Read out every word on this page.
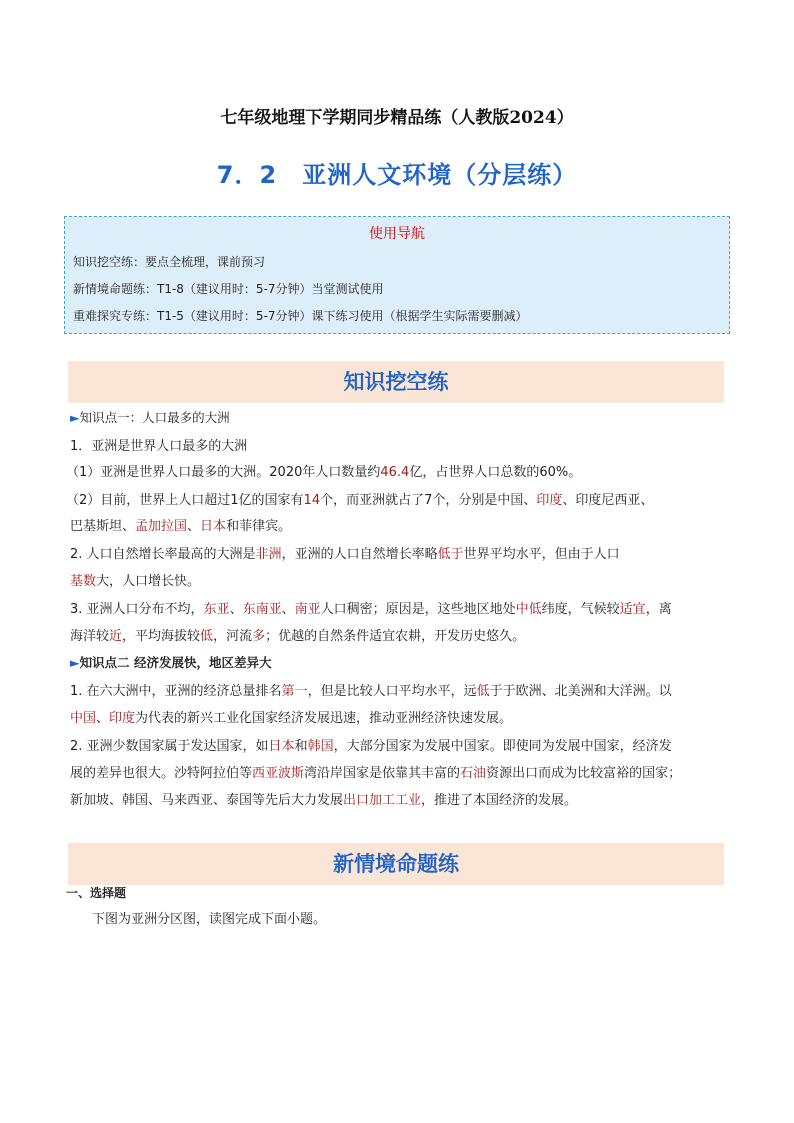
七年级地理下学期同步精品练（人教版2024）
7．2　亚洲人文环境（分层练）
使用导航
知识挖空练：要点全梳理，课前预习
新情境命题练：T1-8（建议用时：5-7分钟）当堂测试使用
重难探究专练：T1-5（建议用时：5-7分钟）课下练习使用（根据学生实际需要删减）
知识挖空练
►知识点一：人口最多的大洲
1．亚洲是世界人口最多的大洲
（1）亚洲是世界人口最多的大洲。2020年人口数量约46.4亿，占世界人口总数的60%。
（2）目前，世界上人口超过1亿的国家有14个，而亚洲就占了7个，分别是中国、印度、印度尼西亚、
巴基斯坦、孟加拉国、日本和菲律宾。
2. 人口自然增长率最高的大洲是非洲，亚洲的人口自然增长率略低于世界平均水平，但由于人口
基数大，人口增长快。
3. 亚洲人口分布不均，东亚、东南亚、南亚人口稠密；原因是，这些地区地处中低纬度，气候较适宜，离
海洋较近，平均海拔较低，河流多；优越的自然条件适宜农耕，开发历史悠久。
►知识点二 经济发展快，地区差异大
1. 在六大洲中，亚洲的经济总量排名第一，但是比较人口平均水平，远低于于欧洲、北美洲和大洋洲。以
中国、印度为代表的新兴工业化国家经济发展迅速，推动亚洲经济快速发展。
2. 亚洲少数国家属于发达国家，如日本和韩国，大部分国家为发展中国家。即使同为发展中国家，经济发
展的差异也很大。沙特阿拉伯等西亚波斯湾沿岸国家是依靠其丰富的石油资源出口而成为比较富裕的国家；
新加坡、韩国、马来西亚、泰国等先后大力发展出口加工工业，推进了本国经济的发展。
新情境命题练
一、选择题
下图为亚洲分区图，读图完成下面小题。
